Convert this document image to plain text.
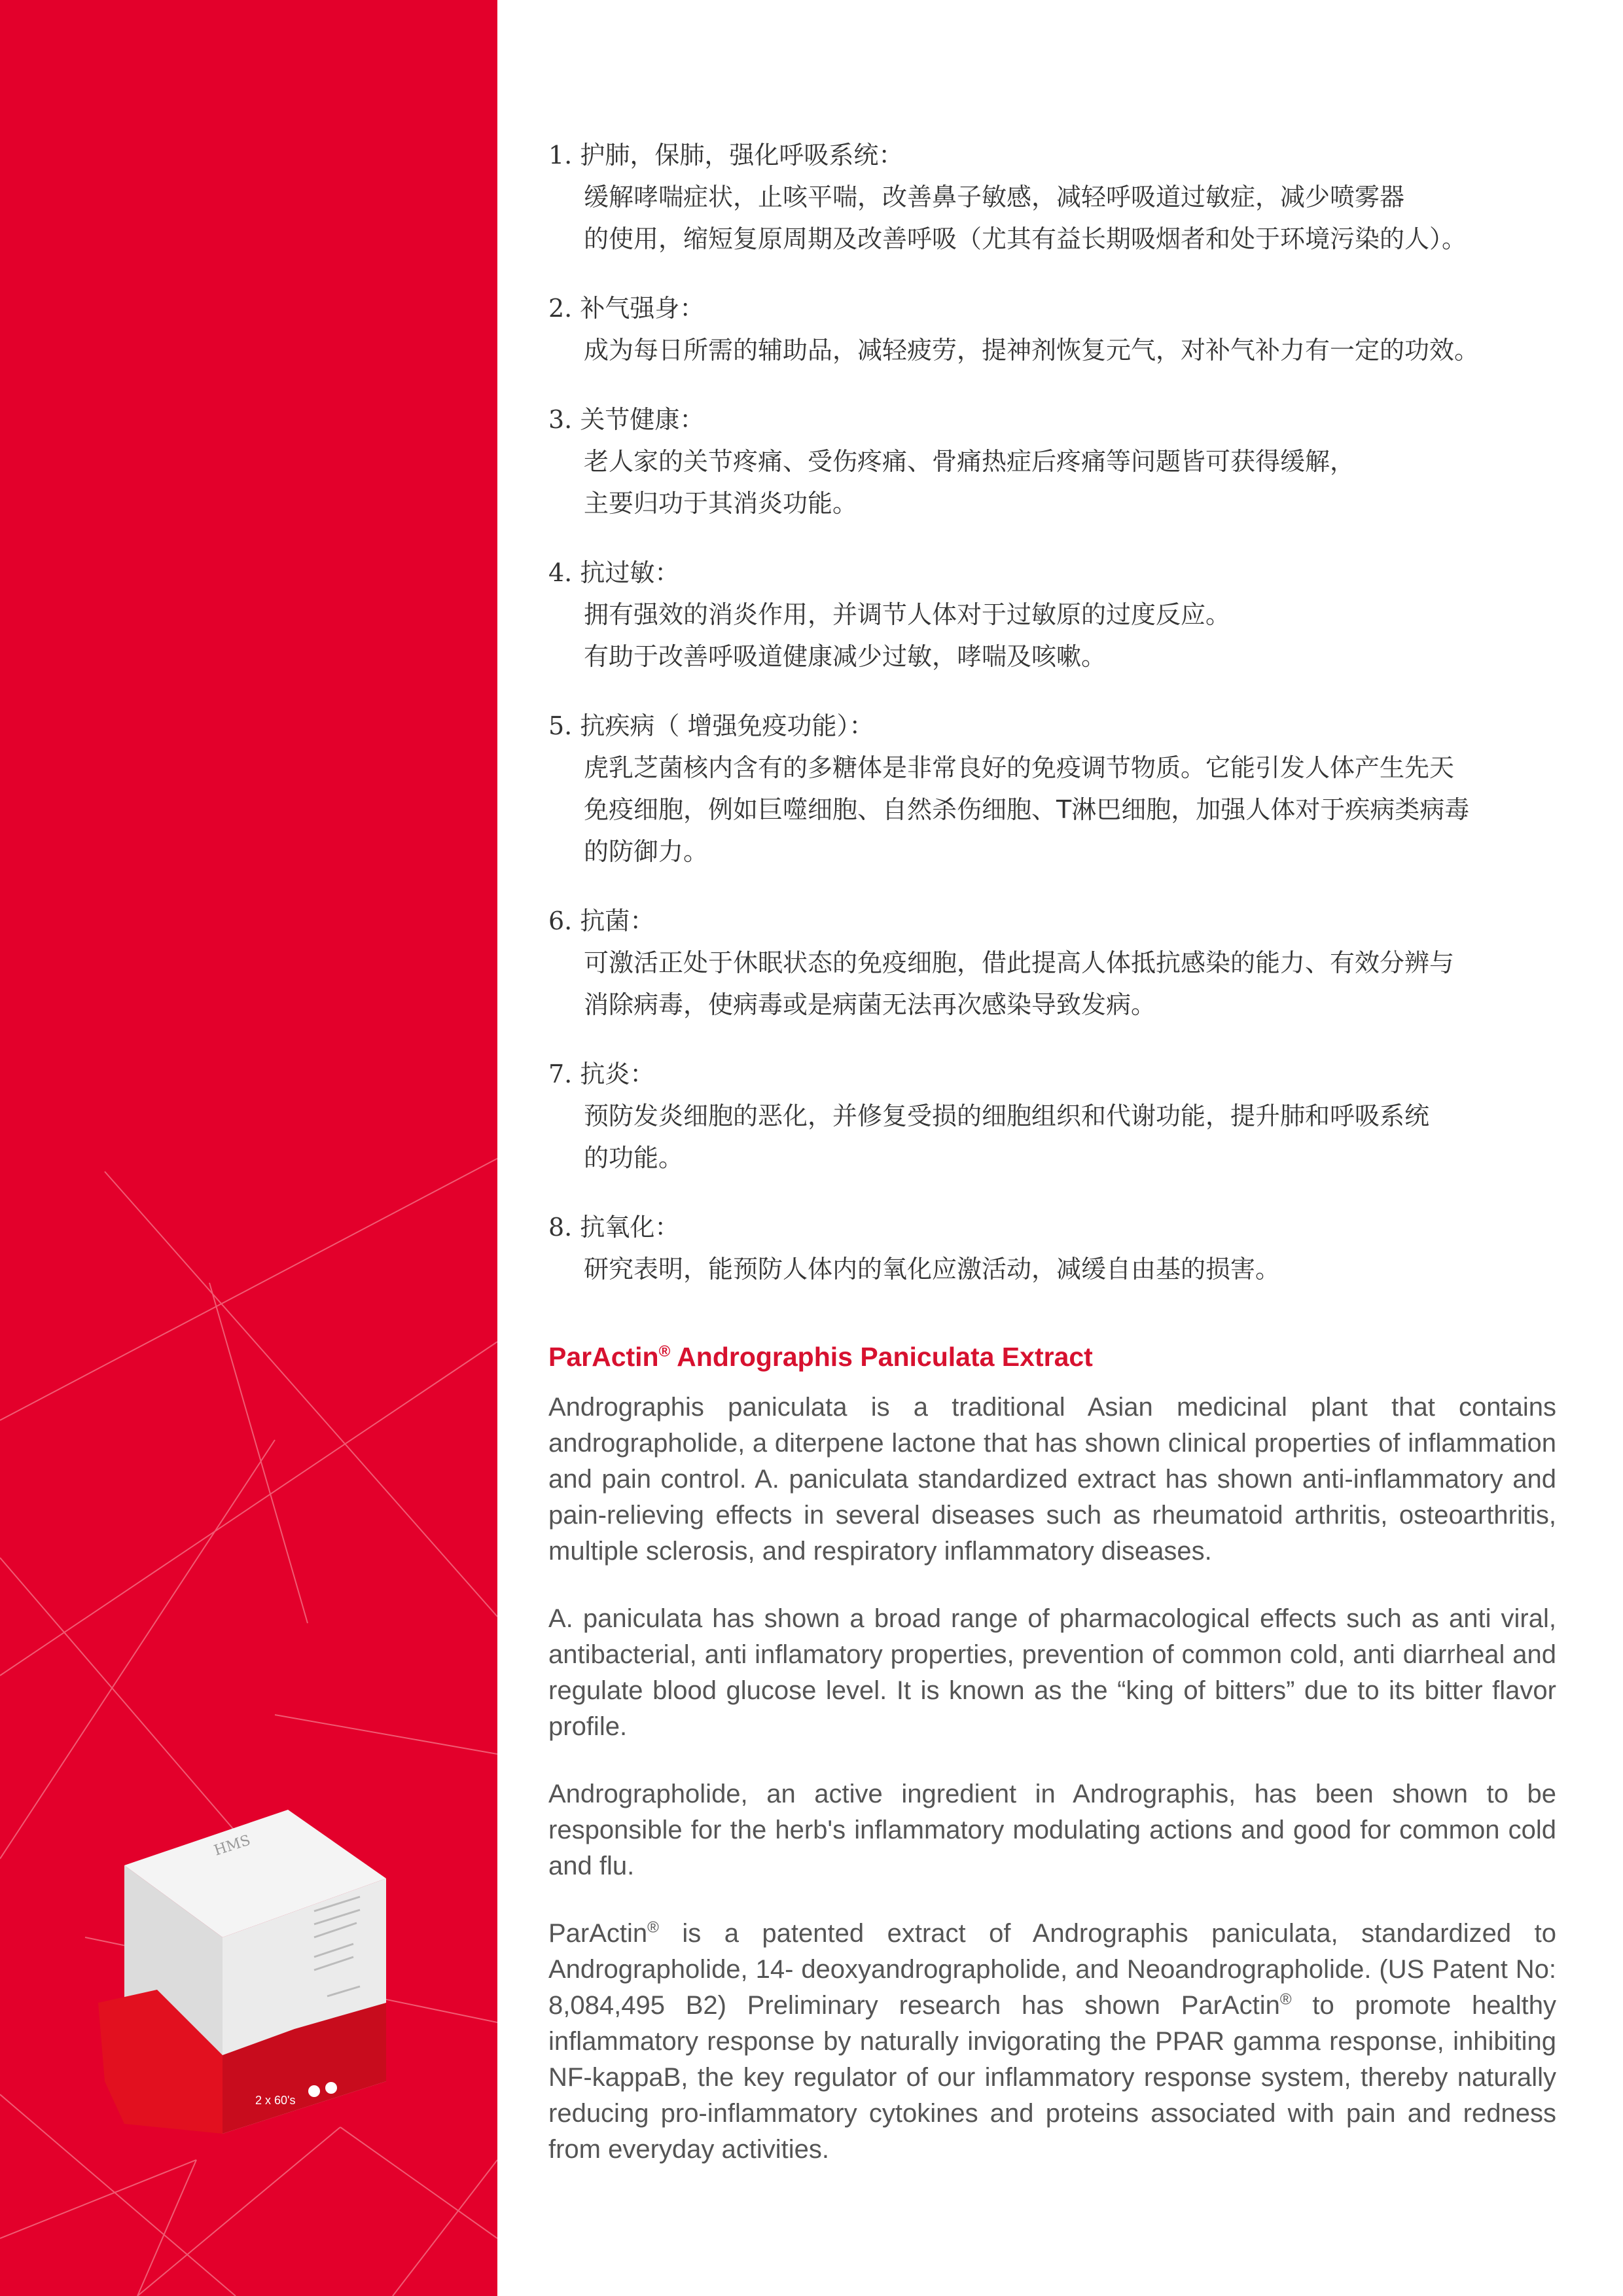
HMS
2 x 60's
1. 护肺，保肺，强化呼吸系统：
缓解哮喘症状，止咳平喘，改善鼻子敏感，减轻呼吸道过敏症，减少喷雾器
的使用，缩短复原周期及改善呼吸（尤其有益长期吸烟者和处于环境污染的人）。
2. 补气强身：
成为每日所需的辅助品，减轻疲劳，提神剂恢复元气，对补气补力有一定的功效。
3. 关节健康：
老人家的关节疼痛、受伤疼痛、骨痛热症后疼痛等问题皆可获得缓解，
主要归功于其消炎功能。
4. 抗过敏：
拥有强效的消炎作用，并调节人体对于过敏原的过度反应。
有助于改善呼吸道健康减少过敏，哮喘及咳嗽。
5. 抗疾病（ 增强免疫功能）：
虎乳芝菌核内含有的多糖体是非常良好的免疫调节物质。它能引发人体产生先天
免疫细胞，例如巨噬细胞、自然杀伤细胞、T淋巴细胞，加强人体对于疾病类病毒
的防御力。
6. 抗菌：
可激活正处于休眠状态的免疫细胞，借此提高人体抵抗感染的能力、有效分辨与
消除病毒，使病毒或是病菌无法再次感染导致发病。
7. 抗炎：
预防发炎细胞的恶化，并修复受损的细胞组织和代谢功能，提升肺和呼吸系统
的功能。
8. 抗氧化：
研究表明，能预防人体内的氧化应激活动，减缓自由基的损害。
ParActin® Andrographis Paniculata Extract

Andrographis paniculata is a traditional Asian medicinal plant that contains andrographolide, a diterpene lactone that has shown clinical properties of inflammation and pain control. A. paniculata standardized extract has shown anti-inflammatory and pain-relieving effects in several diseases such as rheumatoid arthritis, osteoarthritis, multiple sclerosis, and respiratory inflammatory diseases.

A. paniculata has shown a broad range of pharmacological effects such as anti viral, antibacterial, anti inflamatory properties, prevention of common cold, anti diarrheal and regulate blood glucose level. It is known as the “king of bitters” due to its bitter flavor profile.

Andrographolide, an active ingredient in Andrographis, has been shown to be responsible for the herb's inflammatory modulating actions and good for common cold and flu.

ParActin® is a patented extract of Andrographis paniculata, standardized to Andrographolide, 14- deoxyandrographolide, and Neoandrographolide. (US Patent No: 8,084,495 B2) Preliminary research has shown ParActin® to promote healthy inflammatory response by naturally invigorating the PPAR gamma response, inhibiting NF-kappaB, the key regulator of our inflammatory response system, thereby naturally reducing pro-inflammatory cytokines and proteins associated with pain and redness from everyday activities.
